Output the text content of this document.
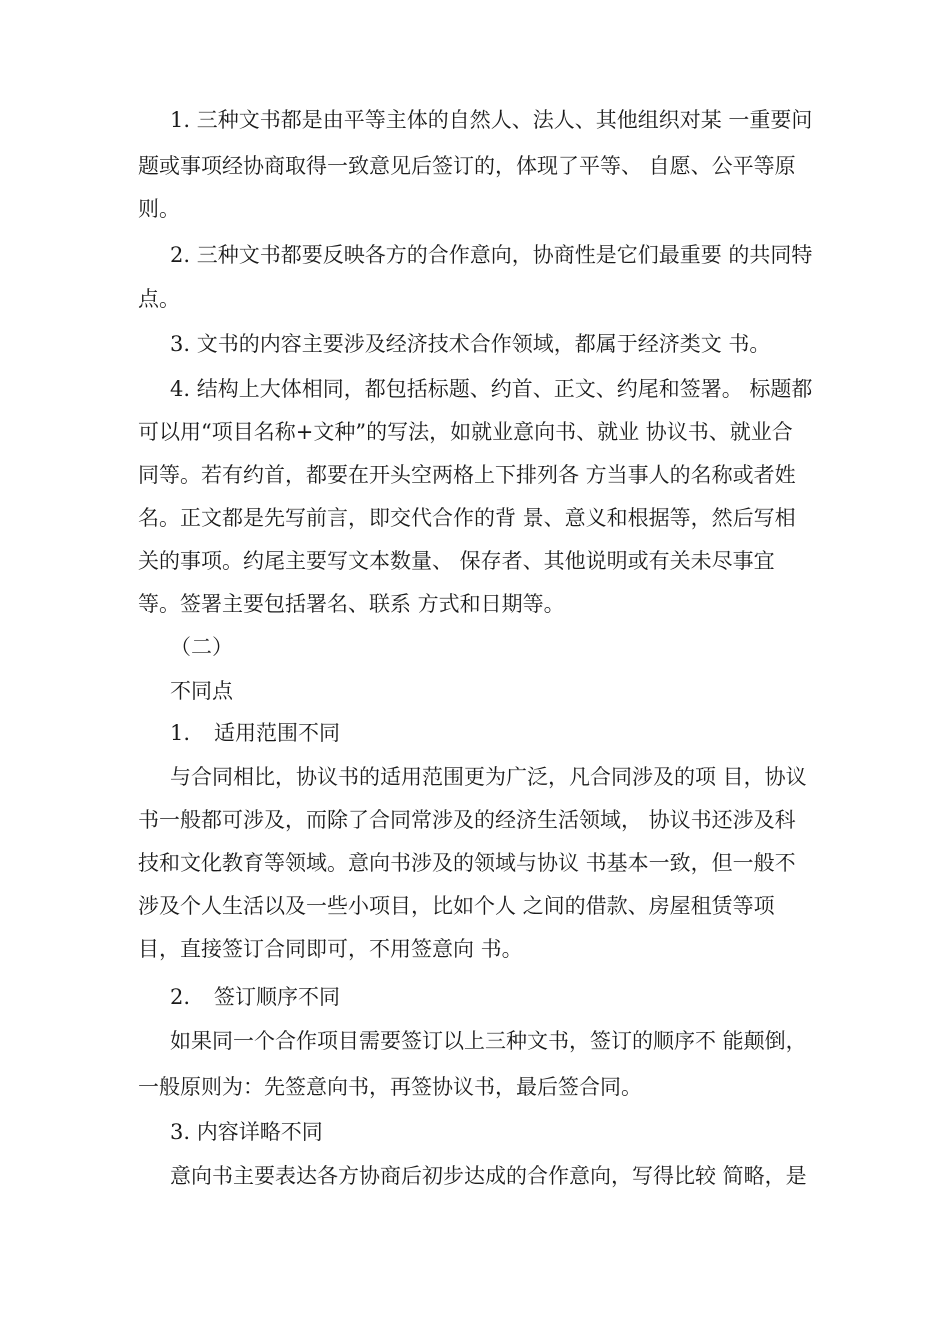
1. 三种文书都是由平等主体的自然人、法人、其他组织对某 一重要问
题或事项经协商取得一致意见后签订的，体现了平等、 自愿、公平等原
则。
2. 三种文书都要反映各方的合作意向，协商性是它们最重要 的共同特
点。
3. 文书的内容主要涉及经济技术合作领域，都属于经济类文 书。
4. 结构上大体相同，都包括标题、约首、正文、约尾和签署。 标题都
可以用“项目名称+文种”的写法，如就业意向书、就业 协议书、就业合
同等。若有约首，都要在开头空两格上下排列各 方当事人的名称或者姓
名。正文都是先写前言，即交代合作的背 景、意义和根据等，然后写相
关的事项。约尾主要写文本数量、 保存者、其他说明或有关未尽事宜
等。签署主要包括署名、联系 方式和日期等。
（二）
不同点
1. 适用范围不同
与合同相比，协议书的适用范围更为广泛，凡合同涉及的项 目，协议
书一般都可涉及，而除了合同常涉及的经济生活领域， 协议书还涉及科
技和文化教育等领域。意向书涉及的领域与协议 书基本一致，但一般不
涉及个人生活以及一些小项目，比如个人 之间的借款、房屋租赁等项
目，直接签订合同即可，不用签意向 书。
2. 签订顺序不同
如果同一个合作项目需要签订以上三种文书，签订的顺序不 能颠倒，
一般原则为：先签意向书，再签协议书，最后签合同。
3. 内容详略不同
意向书主要表达各方协商后初步达成的合作意向，写得比较 简略，是
